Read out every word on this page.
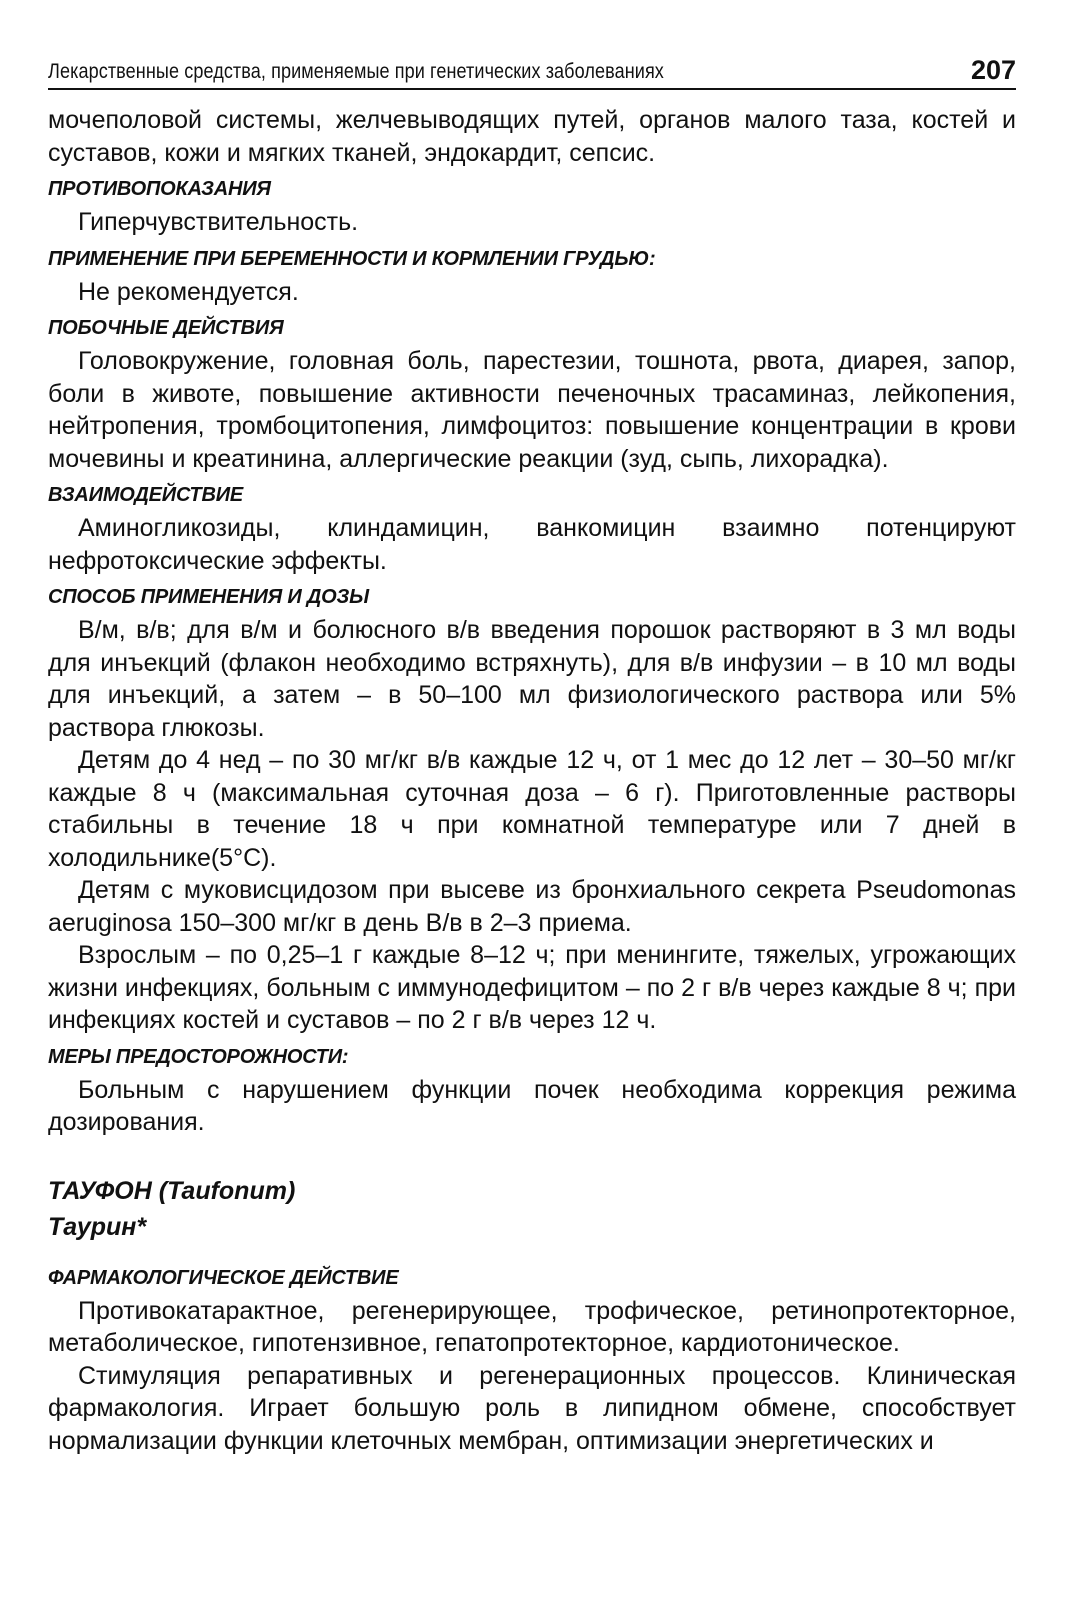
Лекарственные средства, применяемые при генетических заболеваниях	207

мочеполовой системы, желчевыводящих путей, органов малого таза, костей и суставов, кожи и мягких тканей, эндокардит, сепсис.

ПРОТИВОПОКАЗАНИЯ
Гиперчувствительность.
ПРИМЕНЕНИЕ ПРИ БЕРЕМЕННОСТИ И КОРМЛЕНИИ ГРУДЬЮ:
Не рекомендуется.
ПОБОЧНЫЕ ДЕЙСТВИЯ

Головокружение, головная боль, парестезии, тошнота, рвота, диарея, запор, боли в животе, повышение активности печеночных трасаминаз, лейкопения, нейтропения, тромбоцитопения, лимфоцитоз: повышение концентрации в крови мочевины и креатинина, аллергические реакции (зуд, сыпь, лихорадка).

ВЗАИМОДЕЙСТВИЕ

Аминогликозиды, клиндамицин, ванкомицин взаимно потенцируют нефротоксические эффекты.

СПОСОБ ПРИМЕНЕНИЯ И ДОЗЫ

В/м, в/в; для в/м и болюсного в/в введения порошок растворяют в 3 мл воды для инъекций (флакон необходимо встряхнуть), для в/в инфузии – в 10 мл воды для инъекций, а затем – в 50–100 мл физиологического раствора или 5% раствора глюкозы.

Детям до 4 нед – по 30 мг/кг в/в каждые 12 ч, от 1 мес до 12 лет – 30–50 мг/кг каждые 8 ч (максимальная суточная доза – 6 г). Приготовленные растворы стабильны в течение 18 ч при комнатной температуре или 7 дней в холодильнике(5°С).

Детям с муковисцидозом при высеве из бронхиального секрета Pseudomonas aeruginosa 150–300 мг/кг в день В/в в 2–3 приема.

Взрослым – по 0,25–1 г каждые 8–12 ч; при менингите, тяжелых, угрожающих жизни инфекциях, больным с иммунодефицитом – по 2 г в/в через каждые 8 ч; при инфекциях костей и суставов – по 2 г в/в через 12 ч.

МЕРЫ ПРЕДОСТОРОЖНОСТИ:

Больным с нарушением функции почек необходима коррекция режима дозирования.

ТАУФОН (Taufonum)
Таурин*
ФАРМАКОЛОГИЧЕСКОЕ ДЕЙСТВИЕ

Противокатарактное, регенерирующее, трофическое, ретинопротекторное, метаболическое, гипотензивное, гепатопротекторное, кардиотоническое.

Стимуляция репаративных и регенерационных процессов. Клиническая фармакология. Играет большую роль в липидном обмене, способствует нормализации функции клеточных мембран, оптимизации энергетических и
